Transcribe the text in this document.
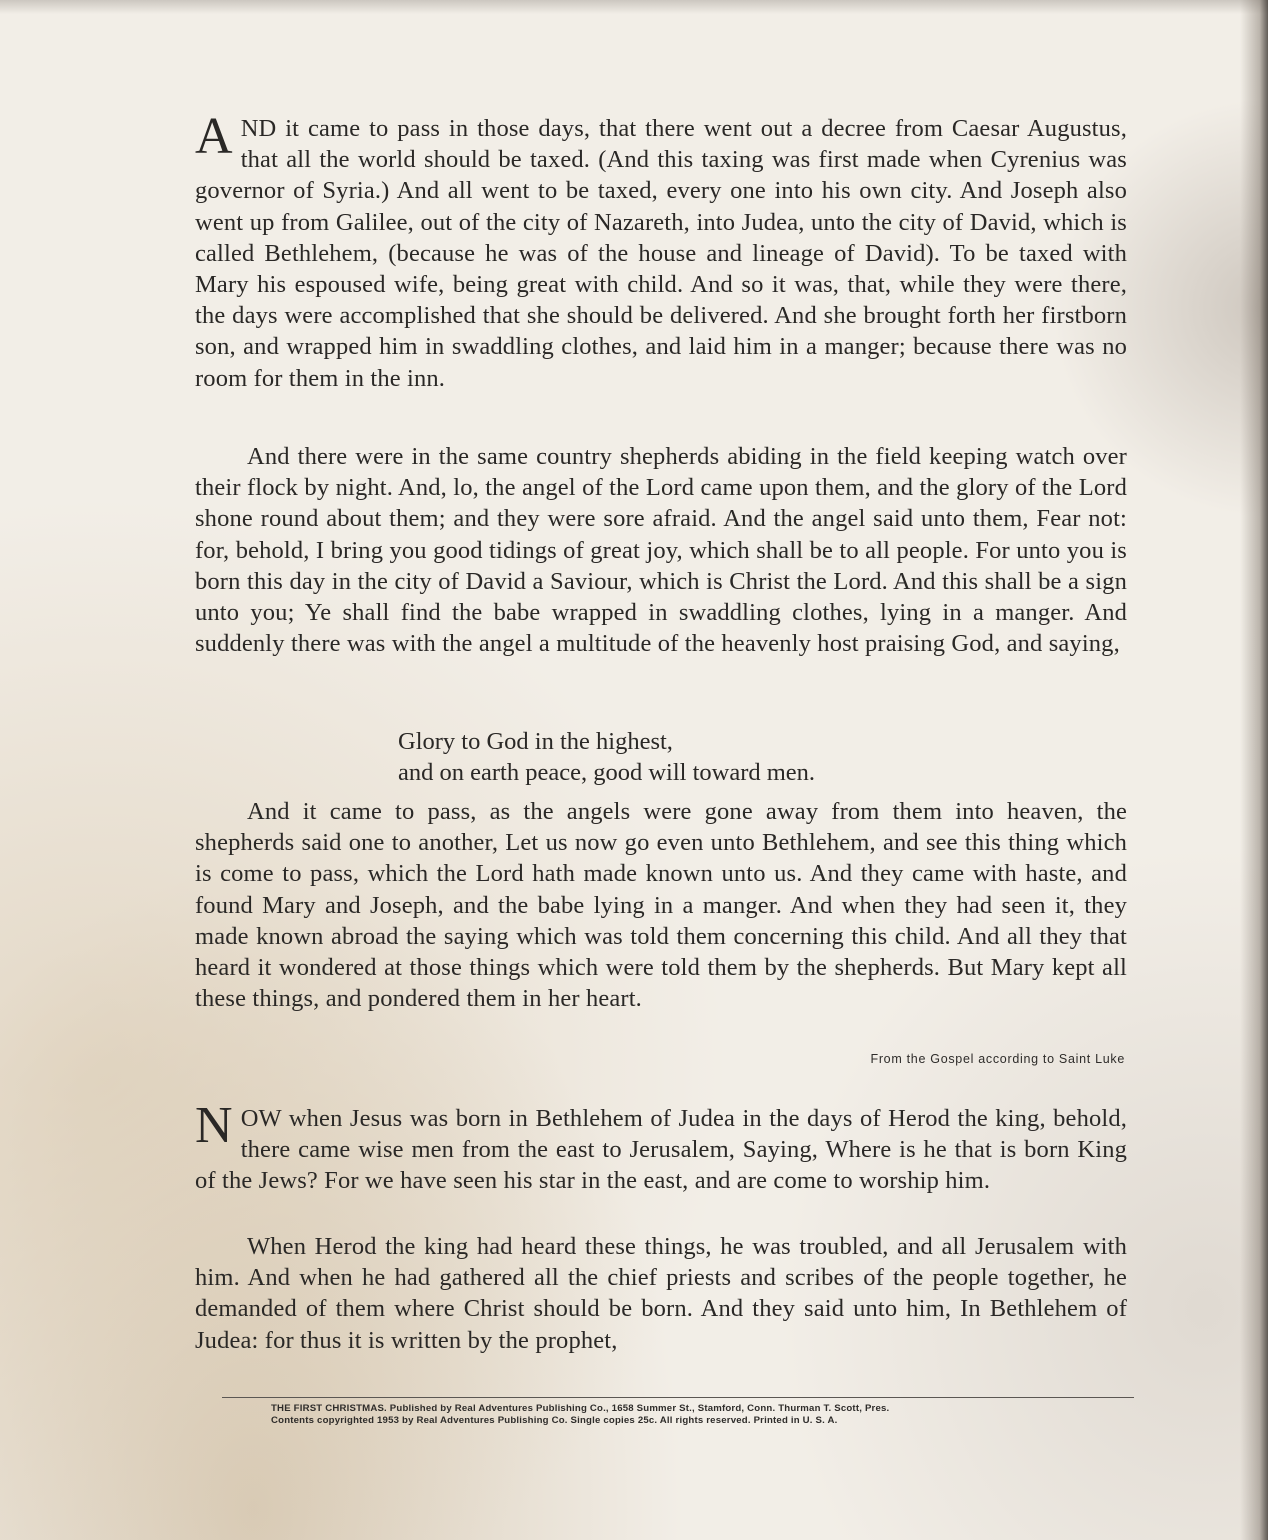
AND it came to pass in those days, that there went out a decree from Caesar Augustus, that all the world should be taxed. (And this taxing was first made when Cyrenius was governor of Syria.) And all went to be taxed, every one into his own city. And Joseph also went up from Galilee, out of the city of Nazareth, into Judea, unto the city of David, which is called Bethlehem, (because he was of the house and lineage of David). To be taxed with Mary his espoused wife, being great with child. And so it was, that, while they were there, the days were accomplished that she should be delivered. And she brought forth her firstborn son, and wrapped him in swaddling clothes, and laid him in a manger; because there was no room for them in the inn.

And there were in the same country shepherds abiding in the field keeping watch over their flock by night. And, lo, the angel of the Lord came upon them, and the glory of the Lord shone round about them; and they were sore afraid. And the angel said unto them, Fear not: for, behold, I bring you good tidings of great joy, which shall be to all people. For unto you is born this day in the city of David a Saviour, which is Christ the Lord. And this shall be a sign unto you; Ye shall find the babe wrapped in swaddling clothes, lying in a manger. And suddenly there was with the angel a multitude of the heavenly host praising God, and saying,

Glory to God in the highest,
and on earth peace, good will toward men.

And it came to pass, as the angels were gone away from them into heaven, the shepherds said one to another, Let us now go even unto Bethlehem, and see this thing which is come to pass, which the Lord hath made known unto us. And they came with haste, and found Mary and Joseph, and the babe lying in a manger. And when they had seen it, they made known abroad the saying which was told them concerning this child. And all they that heard it wondered at those things which were told them by the shepherds. But Mary kept all these things, and pondered them in her heart.

From the Gospel according to Saint Luke

NOW when Jesus was born in Bethlehem of Judea in the days of Herod the king, behold, there came wise men from the east to Jerusalem, Saying, Where is he that is born King of the Jews? For we have seen his star in the east, and are come to worship him.

When Herod the king had heard these things, he was troubled, and all Jerusalem with him. And when he had gathered all the chief priests and scribes of the people together, he demanded of them where Christ should be born. And they said unto him, In Bethlehem of Judea: for thus it is written by the prophet,

THE FIRST CHRISTMAS. Published by Real Adventures Publishing Co., 1658 Summer St., Stamford, Conn. Thurman T. Scott, Pres.
Contents copyrighted 1953 by Real Adventures Publishing Co. Single copies 25c. All rights reserved. Printed in U. S. A.
